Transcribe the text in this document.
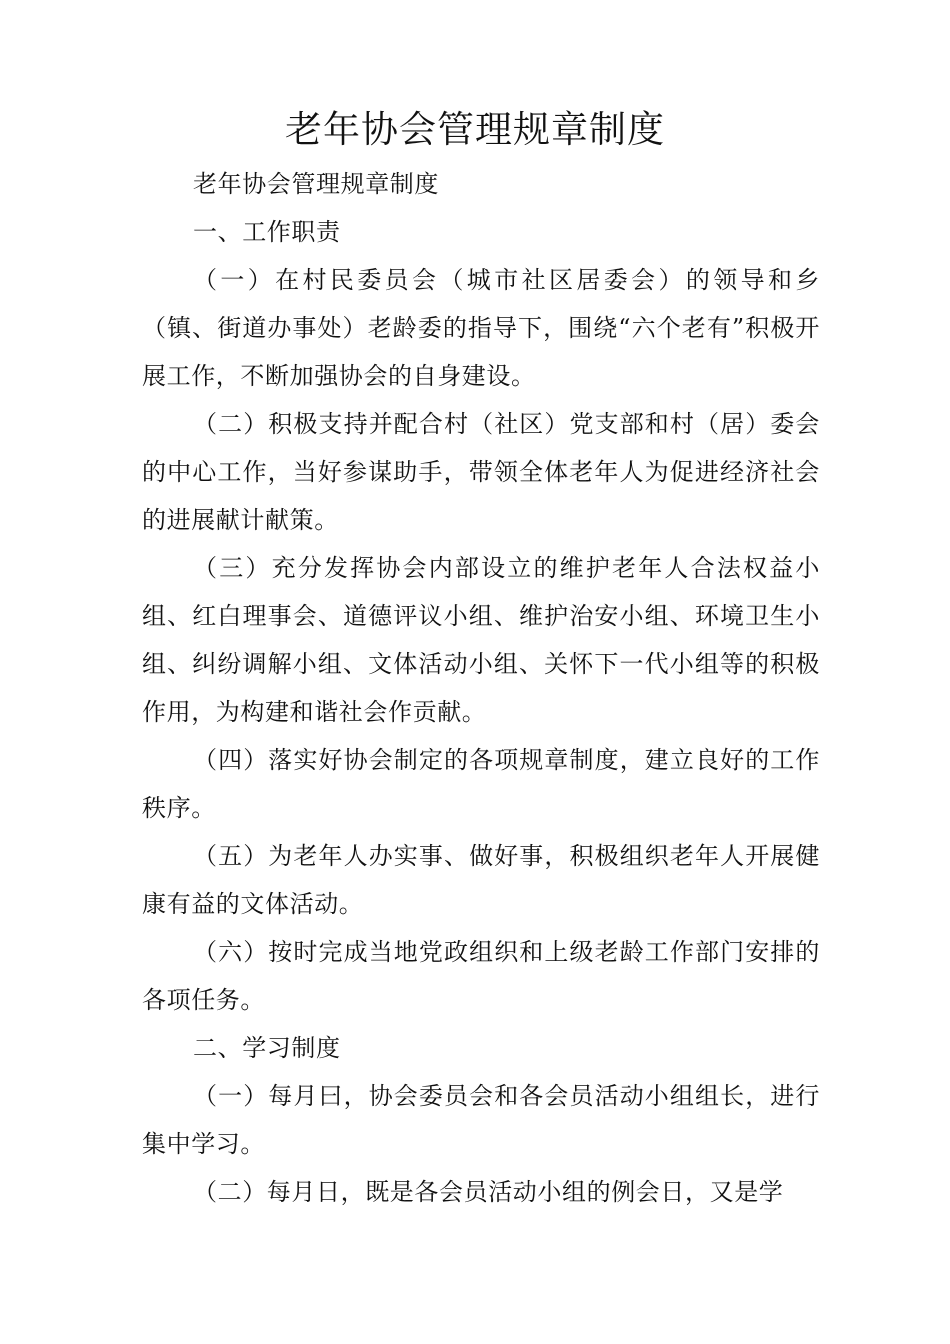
老年协会管理规章制度

老年协会管理规章制度

一、工作职责

（一）在村民委员会（城市社区居委会）的领导和乡（镇、街道办事处）老龄委的指导下，围绕“六个老有”积极开展工作，不断加强协会的自身建设。

（二）积极支持并配合村（社区）党支部和村（居）委会的中心工作，当好参谋助手，带领全体老年人为促进经济社会的进展献计献策。

（三）充分发挥协会内部设立的维护老年人合法权益小组、红白理事会、道德评议小组、维护治安小组、环境卫生小组、纠纷调解小组、文体活动小组、关怀下一代小组等的积极作用，为构建和谐社会作贡献。

（四）落实好协会制定的各项规章制度，建立良好的工作秩序。

（五）为老年人办实事、做好事，积极组织老年人开展健康有益的文体活动。

（六）按时完成当地党政组织和上级老龄工作部门安排的各项任务。

二、学习制度

（一）每月曰，协会委员会和各会员活动小组组长，进行集中学习。

（二）每月日，既是各会员活动小组的例会日，又是学
